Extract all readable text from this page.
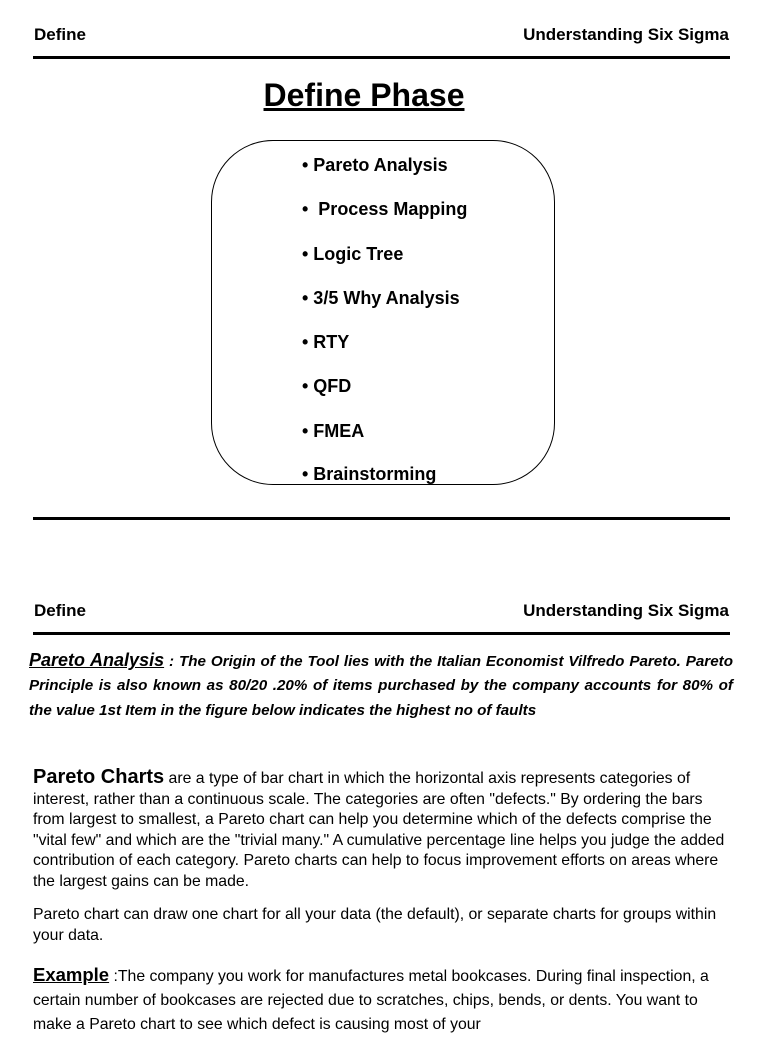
Define	Understanding Six Sigma
Define Phase
• Pareto Analysis
•  Process Mapping
• Logic Tree
• 3/5 Why Analysis
• RTY
• QFD
• FMEA
• Brainstorming
Define	Understanding Six Sigma
Pareto Analysis : The Origin of the Tool lies with the Italian Economist Vilfredo Pareto. Pareto Principle is also known as 80/20 .20% of items purchased by the company accounts for 80% of the value 1st Item in the figure below indicates the highest no of faults
Pareto Charts are a type of bar chart in which the horizontal axis represents categories of interest, rather than a continuous scale. The categories are often "defects." By ordering the bars from largest to smallest, a Pareto chart can help you determine which of the defects comprise the "vital few" and which are the "trivial many." A cumulative percentage line helps you judge the added contribution of each category. Pareto charts can help to focus improvement efforts on areas where the largest gains can be made.
Pareto chart can draw one chart for all your data (the default), or separate charts for groups within your data.
Example :The company you work for manufactures metal bookcases. During final inspection, a certain number of bookcases are rejected due to scratches, chips, bends, or dents. You want to make a Pareto chart to see which defect is causing most of your
